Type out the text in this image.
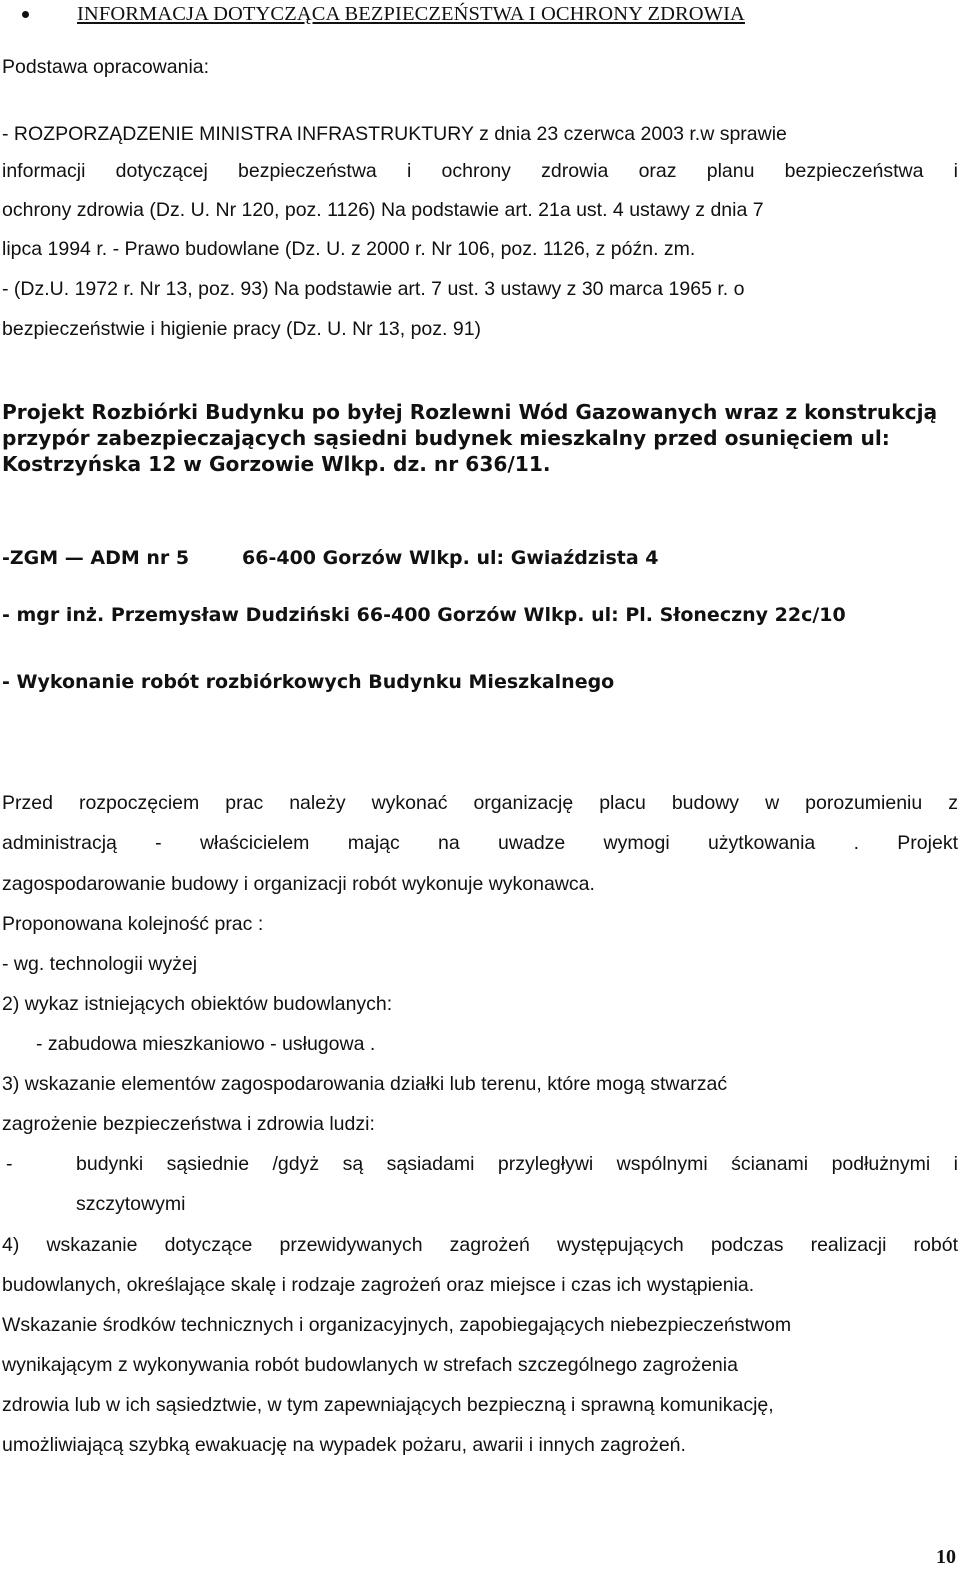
INFORMACJA DOTYCZĄCA BEZPIECZEŃSTWA I OCHRONY ZDROWIA

Podstawa opracowania:

- ROZPORZĄDZENIE MINISTRA INFRASTRUKTURY z dnia 23 czerwca 2003 r.w sprawie

informacji dotyczącej bezpieczeństwa i ochrony zdrowia oraz planu bezpieczeństwa i

ochrony zdrowia (Dz. U. Nr 120, poz. 1126) Na podstawie art. 21a ust. 4 ustawy z dnia 7

lipca 1994 r. - Prawo budowlane (Dz. U. z 2000 r. Nr 106, poz. 1126, z późn. zm.

- (Dz.U. 1972 r. Nr 13, poz. 93) Na podstawie art. 7 ust. 3 ustawy z 30 marca 1965 r. o

bezpieczeństwie i higienie pracy (Dz. U. Nr 13, poz. 91)

Projekt Rozbiórki Budynku po byłej Rozlewni Wód Gazowanych wraz z konstrukcją przypór zabezpieczających sąsiedni budynek mieszkalny przed osunięciem ul: Kostrzyńska 12 w Gorzowie Wlkp. dz. nr 636/11.

-ZGM — ADM nr 5        66-400 Gorzów Wlkp. ul: Gwiaździsta 4

- mgr inż. Przemysław Dudziński 66-400 Gorzów Wlkp. ul: Pl. Słoneczny 22c/10

- Wykonanie robót rozbiórkowych Budynku Mieszkalnego

Przed rozpoczęciem prac należy wykonać organizację placu budowy w porozumieniu z

administracją - właścicielem mając na uwadze wymogi użytkowania . Projekt

zagospodarowanie budowy i organizacji robót wykonuje wykonawca.

Proponowana kolejność prac :

- wg. technologii wyżej

2) wykaz istniejących obiektów budowlanych:

- zabudowa mieszkaniowo - usługowa .

3) wskazanie elementów zagospodarowania działki lub terenu, które mogą stwarzać

zagrożenie bezpieczeństwa i zdrowia ludzi:

-	budynki sąsiednie /gdyż są sąsiadami przyległywi wspólnymi ścianami podłużnymi i

szczytowymi

4) wskazanie dotyczące przewidywanych zagrożeń występujących podczas realizacji robót

budowlanych, określające skalę i rodzaje zagrożeń oraz miejsce i czas ich wystąpienia.

Wskazanie środków technicznych i organizacyjnych, zapobiegających niebezpieczeństwom

wynikającym z wykonywania robót budowlanych w strefach szczególnego zagrożenia

zdrowia lub w ich sąsiedztwie, w tym zapewniających bezpieczną i sprawną komunikację,

umożliwiającą szybką ewakuację na wypadek pożaru, awarii i innych zagrożeń.

10
